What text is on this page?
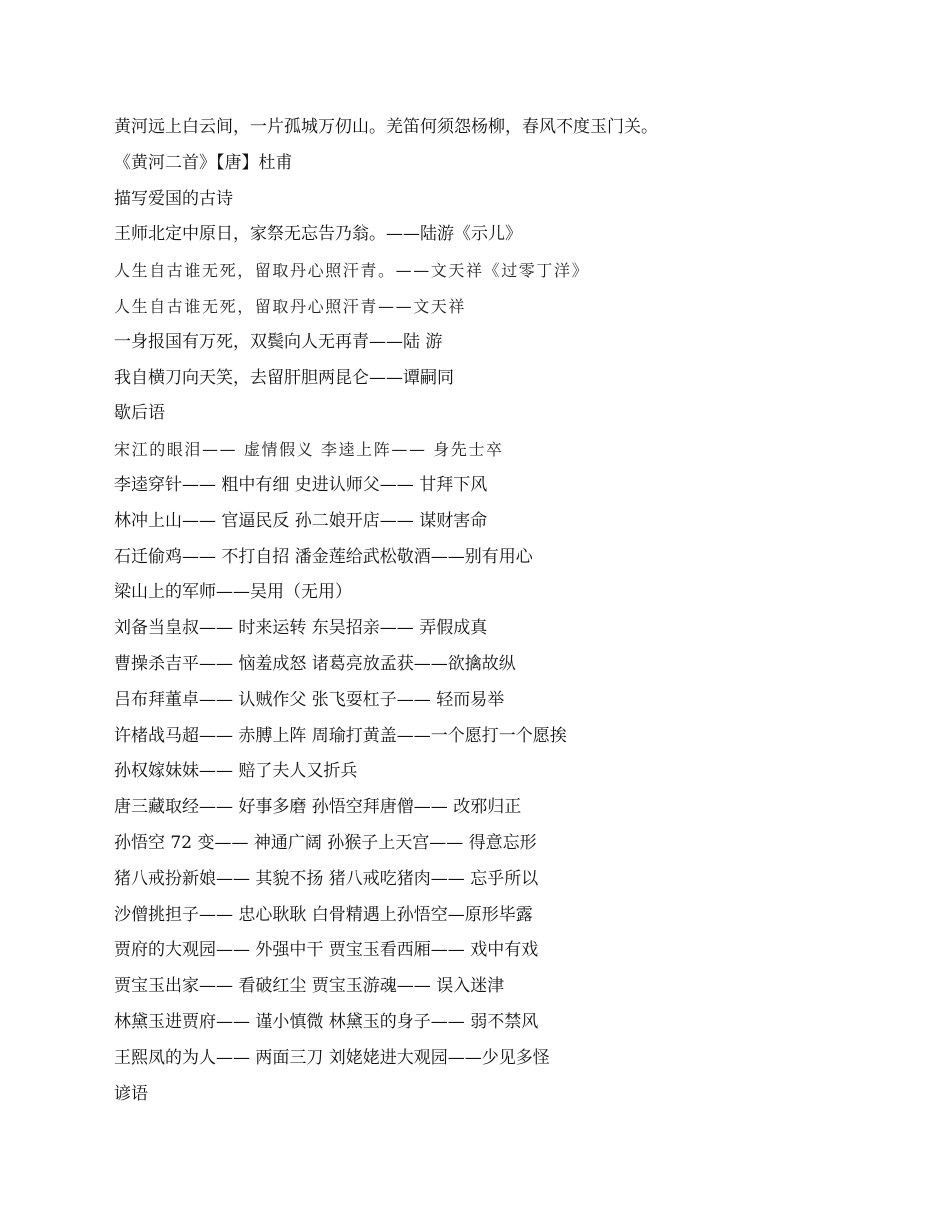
黄河远上白云间，一片孤城万仞山。羌笛何须怨杨柳，春风不度玉门关。
《黄河二首》【唐】杜甫
描写爱国的古诗
王师北定中原日，家祭无忘告乃翁。——陆游《示儿》
人生自古谁无死，留取丹心照汗青。——文天祥《过零丁洋》
人生自古谁无死，留取丹心照汗青——文天祥
一身报国有万死，双鬓向人无再青——陆 游
我自横刀向天笑，去留肝胆两昆仑——谭嗣同
歇后语
宋江的眼泪—— 虚情假义 李逵上阵—— 身先士卒
李逵穿针—— 粗中有细 史进认师父—— 甘拜下风
林冲上山—— 官逼民反 孙二娘开店—— 谋财害命
石迁偷鸡—— 不打自招 潘金莲给武松敬酒——别有用心
梁山上的军师——吴用（无用）
刘备当皇叔—— 时来运转 东吴招亲—— 弄假成真
曹操杀吉平—— 恼羞成怒 诸葛亮放孟获——欲擒故纵
吕布拜董卓—— 认贼作父 张飞耍杠子—— 轻而易举
许楮战马超—— 赤膊上阵 周瑜打黄盖——一个愿打一个愿挨
孙权嫁妹妹—— 赔了夫人又折兵
唐三藏取经—— 好事多磨 孙悟空拜唐僧—— 改邪归正
孙悟空 72 变—— 神通广阔 孙猴子上天宫—— 得意忘形
猪八戒扮新娘—— 其貌不扬 猪八戒吃猪肉—— 忘乎所以
沙僧挑担子—— 忠心耿耿 白骨精遇上孙悟空—原形毕露
贾府的大观园—— 外强中干 贾宝玉看西厢—— 戏中有戏
贾宝玉出家—— 看破红尘 贾宝玉游魂—— 误入迷津
林黛玉进贾府—— 谨小慎微 林黛玉的身子—— 弱不禁风
王熙凤的为人—— 两面三刀 刘姥姥进大观园——少见多怪
谚语
